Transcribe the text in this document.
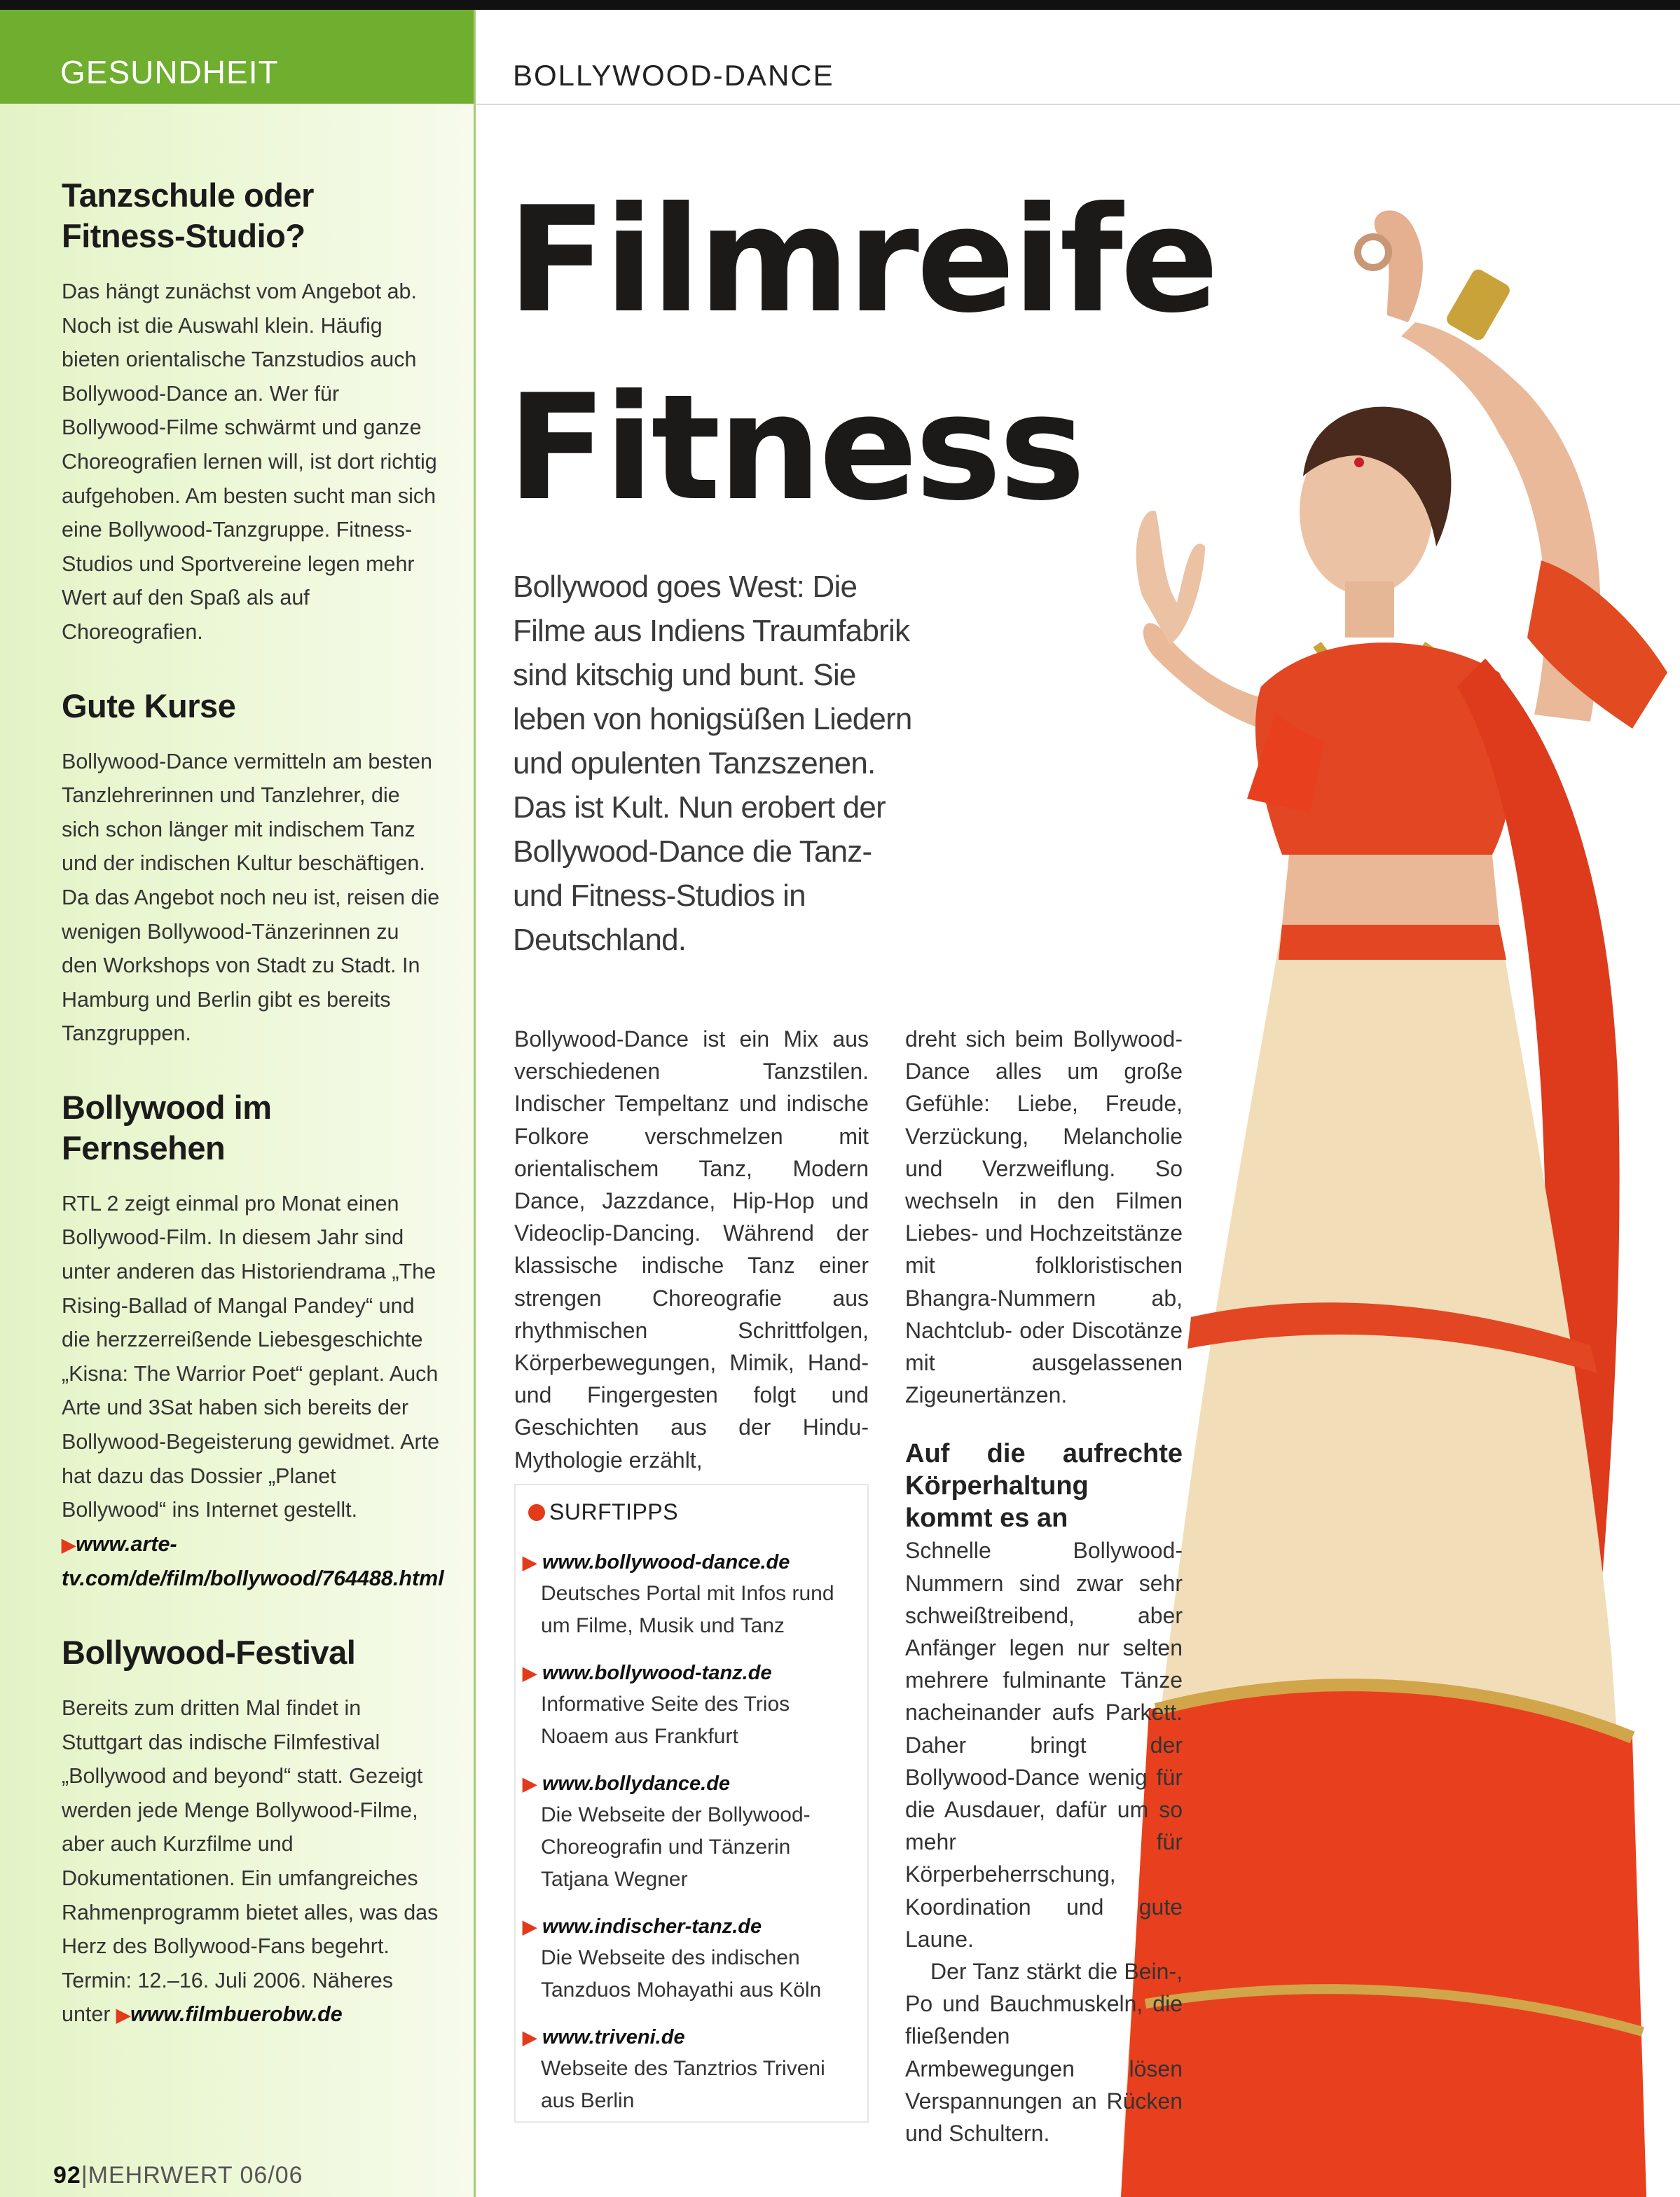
GESUNDHEIT
Tanzschule oder Fitness-Studio?

Das hängt zunächst vom Angebot ab. Noch ist die Auswahl klein. Häufig bieten orientalische Tanzstudios auch Bollywood-Dance an. Wer für Bollywood-Filme schwärmt und ganze Choreografien lernen will, ist dort richtig aufgehoben. Am besten sucht man sich eine Bollywood-Tanzgruppe. Fitness-Studios und Sportvereine legen mehr Wert auf den Spaß als auf Choreografien.

Gute Kurse

Bollywood-Dance vermitteln am besten Tanzlehrerinnen und Tanzlehrer, die sich schon länger mit indischem Tanz und der indischen Kultur beschäftigen. Da das Angebot noch neu ist, reisen die wenigen Bollywood-Tänzerinnen zu den Workshops von Stadt zu Stadt. In Hamburg und Berlin gibt es bereits Tanzgruppen.

Bollywood im Fernsehen

RTL 2 zeigt einmal pro Monat einen Bollywood-Film. In diesem Jahr sind unter anderen das Historiendrama „The Rising-Ballad of Mangal Pandey“ und die herzzerreißende Liebesgeschichte „Kisna: The Warrior Poet“ geplant. Auch Arte und 3Sat haben sich bereits der Bollywood-Begeisterung gewidmet. Arte hat dazu das Dossier „Planet Bollywood“ ins Internet gestellt. ▶www.arte-tv.com/de/film/bollywood/764488.html

Bollywood-Festival

Bereits zum dritten Mal findet in Stuttgart das indische Filmfestival „Bollywood and beyond“ statt. Gezeigt werden jede Menge Bollywood-Filme, aber auch Kurzfilme und Dokumentationen. Ein umfangreiches Rahmenprogramm bietet alles, was das Herz des Bollywood-Fans begehrt.
Termin: 12.–16. Juli 2006. Näheres unter ▶www.filmbuerobw.de

92|MEHRWERT 06/06
BOLLYWOOD-DANCE
Filmreife
Fitness
Bollywood goes West: Die Filme aus Indiens Traumfabrik sind kitschig und bunt. Sie leben von honigsüßen Liedern und opulenten Tanzszenen. Das ist Kult. Nun erobert der Bollywood-Dance die Tanz- und Fitness-Studios in Deutschland.

Bollywood-Dance ist ein Mix aus verschiedenen Tanzstilen. Indischer Tempeltanz und indische Folkore verschmelzen mit orientalischem Tanz, Modern Dance, Jazzdance, Hip-Hop und Videoclip-Dancing. Während der klassische indische Tanz einer strengen Choreografie aus rhythmischen Schrittfolgen, Körperbewegungen, Mimik, Hand- und Fingergesten folgt und Geschichten aus der Hindu-Mythologie erzählt,

dreht sich beim Bollywood-Dance alles um große Gefühle: Liebe, Freude, Verzückung, Melancholie und Verzweiflung. So wechseln in den Filmen Liebes- und Hochzeitstänze mit folkloristischen Bhangra-Nummern ab, Nachtclub- oder Discotänze mit ausgelassenen Zigeunertänzen.

Auf die aufrechte Körperhaltung kommt es an

Schnelle Bollywood-Nummern sind zwar sehr schweißtreibend, aber Anfänger legen nur selten mehrere fulminante Tänze nacheinander aufs Parkett. Daher bringt der Bollywood-Dance wenig für die Ausdauer, dafür um so mehr für Körperbeherrschung, Koordination und gute Laune.

Der Tanz stärkt die Bein-, Po und Bauchmuskeln, die fließenden Armbewegungen lösen Verspannungen an Rücken und Schultern.

SURFTIPPS
▶ www.bollywood-dance.de
Deutsches Portal mit Infos rund um Filme, Musik und Tanz
▶ www.bollywood-tanz.de
Informative Seite des Trios Noaem aus Frankfurt
▶ www.bollydance.de
Die Webseite der Bollywood-Choreografin und Tänzerin Tatjana Wegner
▶ www.indischer-tanz.de
Die Webseite des indischen Tanzduos Mohayathi aus Köln
▶ www.triveni.de
Webseite des Tanztrios Triveni aus Berlin
